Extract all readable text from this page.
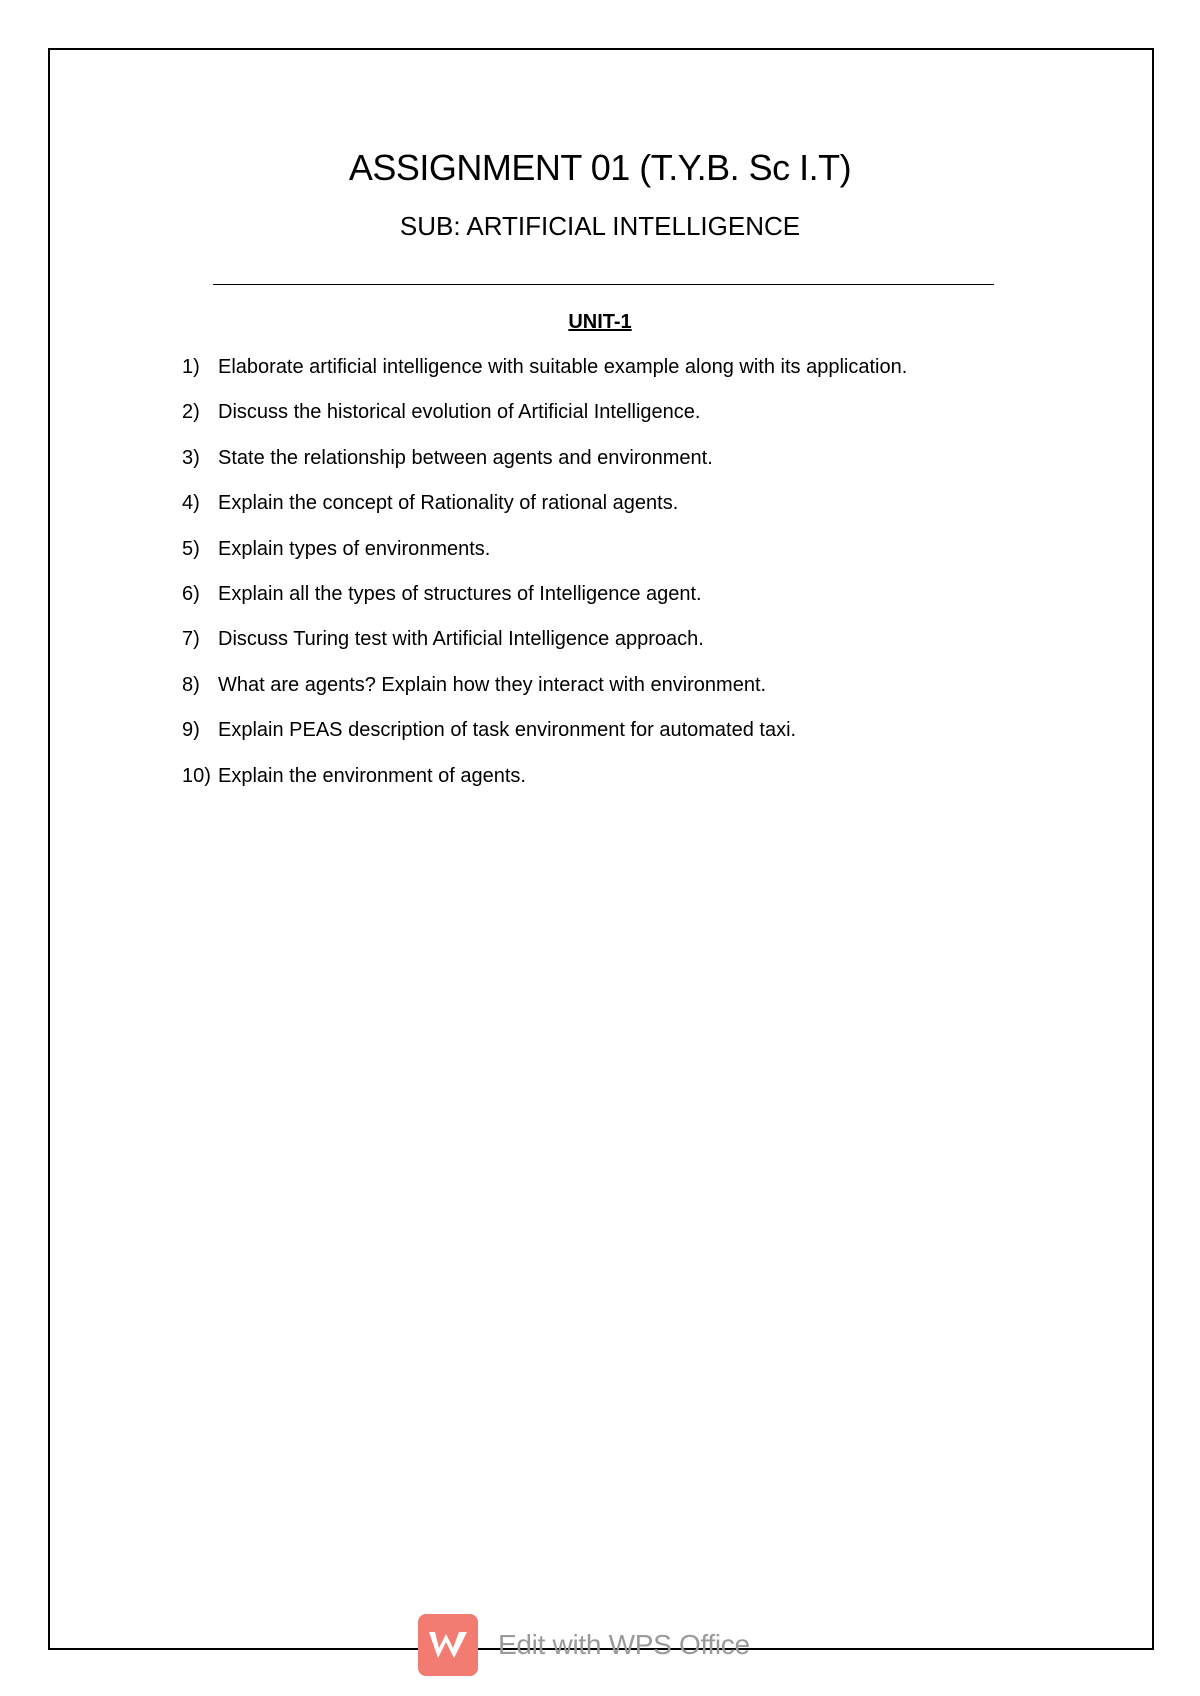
ASSIGNMENT 01 (T.Y.B. Sc I.T)
SUB: ARTIFICIAL INTELLIGENCE
UNIT-1
1) Elaborate artificial intelligence with suitable example along with its application.
2) Discuss the historical evolution of Artificial Intelligence.
3) State the relationship between agents and environment.
4) Explain the concept of Rationality of rational agents.
5) Explain types of environments.
6) Explain all the types of structures of Intelligence agent.
7) Discuss Turing test with Artificial Intelligence approach.
8) What are agents? Explain how they interact with environment.
9) Explain PEAS description of task environment for automated taxi.
10) Explain the environment of agents.
Edit with WPS Office
